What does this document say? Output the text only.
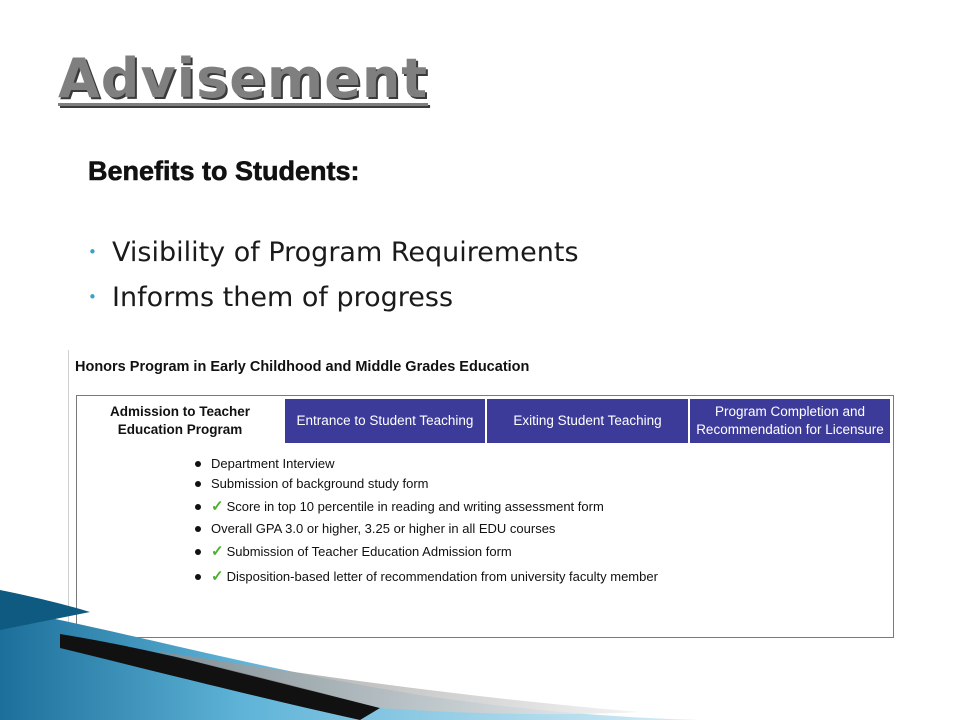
Advisement
Benefits to Students:
• Visibility of Program Requirements
• Informs them of progress
Honors Program in Early Childhood and Middle Grades Education
Admission to Teacher
Education Program
Entrance to Student Teaching	Exiting Student Teaching
Program Completion and
Recommendation for Licensure
Department Interview
Submission of background study form
✓ Score in top 10 percentile in reading and writing assessment form
Overall GPA 3.0 or higher, 3.25 or higher in all EDU courses
✓ Submission of Teacher Education Admission form
✓ Disposition-based letter of recommendation from university faculty member
